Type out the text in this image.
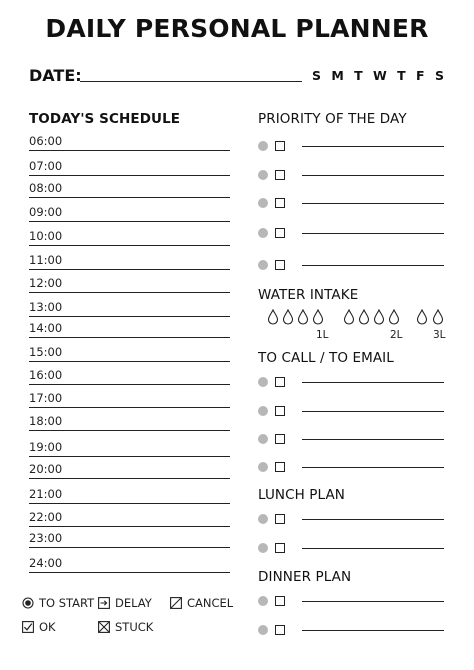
DAILY PERSONAL PLANNER
DATE:	S M T W T F S
TODAY'S SCHEDULE
06:00
07:00
08:00
09:00
10:00
11:00
12:00
13:00
14:00
15:00
16:00
17:00
18:00
19:00
20:00
21:00
22:00
23:00
24:00
PRIORITY OF THE DAY
WATER INTAKE
1L	2L	3L
TO CALL / TO EMAIL
LUNCH PLAN
DINNER PLAN
TO START DELAY	CANCEL
OK	STUCK
